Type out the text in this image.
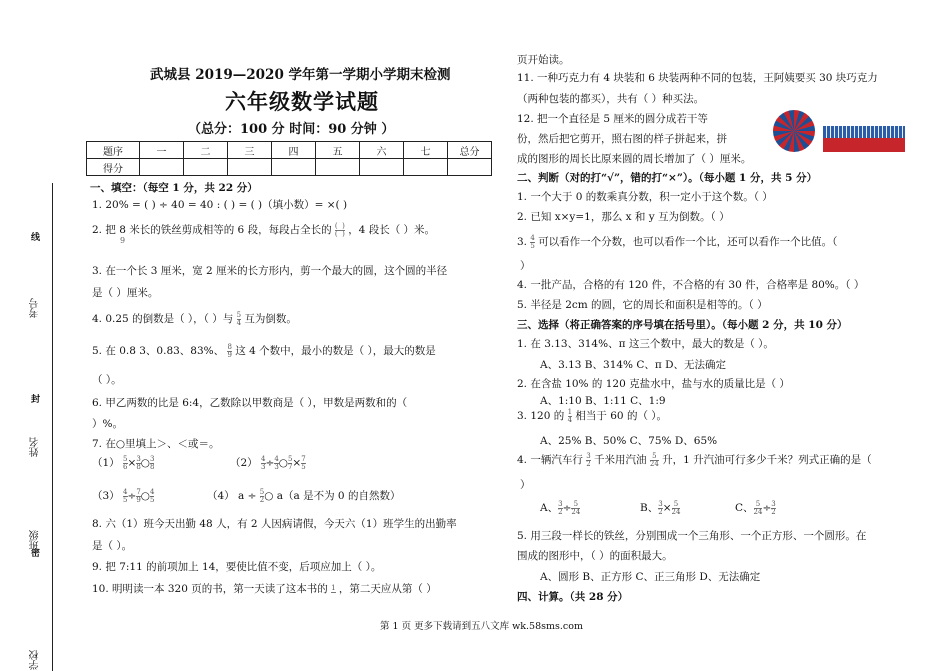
线
考号
封
姓名
班级
密
学校
武城县 2019—2020 学年第一学期小学期末检测
六年级数学试题
（总分：100 分 时间：90 分钟 ）
题序	一	二	三	四	五	六	七	总分
得分								
一、填空：（每空 1 分，共 22 分）
1. 20% = ( ) ÷ 40 = 40 : ( ) = ( )（填小数）= ×( )
2. 把 8 米长的铁丝剪成相等的 6 段，每段占全长的 $\frac{( )}{( )}$ ，4 段长（ ）米。
9
3. 在一个长 3 厘米，宽 2 厘米的长方形内，剪一个最大的圆，这个圆的半径
是（ ）厘米。
4. 0.25 的倒数是（ ），（ ）与 $\frac{5}{4}$ 互为倒数。
5. 在 0.8 3、0.83、83%、 $\frac{8}{9}$ 这 4 个数中，最小的数是（ ），最大的数是
（ ）。
6. 甲乙两数的比是 6:4，乙数除以甲数商是（ ），甲数是两数和的（
）%。
7. 在○里填上＞、＜或＝。
$(1) \frac{5}{6} \times \frac{3}{8}$ ○ $\frac{3}{8}$	$(2) \frac{4}{3} \div \frac{4}{3}$ ○ $\frac{5}{7} \times \frac{7}{5}$
$(3) \frac{4}{5} \div \frac{7}{9}$ ○ $\frac{4}{5}$	（4） $a \div \frac{5}{2}$ ○ a（a 是不为 0 的自然数）
8. 六（1）班今天出勤 48 人，有 2 人因病请假，今天六（1）班学生的出勤率
是（ ）。
9. 把 7:11 的前项加上 14，要使比值不变，后项应加上（ ）。
10. 明明读一本 320 页的书，第一天读了这本书的 1 ，第二天应从第（ ）
页开始读。
11. 一种巧克力有 4 块装和 6 块装两种不同的包装，王阿姨要买 30 块巧克力
（两种包装的都买），共有（ ）种买法。
12. 把一个直径是 5 厘米的圆分成若干等
份，然后把它剪开，照右图的样子拼起来，拼
成的图形的周长比原来圆的周长增加了（ ）厘米。
二、判断（对的打“√”，错的打“×”）。（每小题 1 分，共 5 分）
1. 一个大于 0 的数乘真分数，积一定小于这个数。（ ）
2. 已知 x×y=1，那么 x 和 y 互为倒数。（ ）
3. $\frac{4}{5}$ 可以看作一个分数，也可以看作一个比，还可以看作一个比值。（
）
4. 一批产品，合格的有 120 件，不合格的有 30 件，合格率是 80%。（ ）
5. 半径是 2cm 的圆，它的周长和面积是相等的。（ ）
三、选择（将正确答案的序号填在括号里）。（每小题 2 分，共 10 分）
1. 在 3.13、314%、π 这三个数中，最大的数是（ ）。
A、3.13 B、314% C、π D、无法确定
2. 在含盐 10% 的 120 克盐水中，盐与水的质量比是（ ）
A、1:10 B、1:11 C、1:9
3. 120 的 $\frac{1}{4}$ 相当于 60 的（ ）。
A、25% B、50% C、75% D、65%
4. 一辆汽车行 $\frac{3}{2}$ 千米用汽油 $\frac{5}{24}$ 升，1 升汽油可行多少千米？列式正确的是（
）
A、 $\frac{3}{2} \div \frac{5}{24}$	B、 $\frac{3}{2} \times \frac{5}{24}$	C、 $\frac{5}{24} \div \frac{3}{2}$
5. 用三段一样长的铁丝，分别围成一个三角形、一个正方形、一个圆形。在
围成的图形中，（ ）的面积最大。
A、圆形 B、正方形 C、正三角形 D、无法确定
四、计算。（共 28 分）
第 1 页 更多下载请到五八文库 wk.58sms.com
